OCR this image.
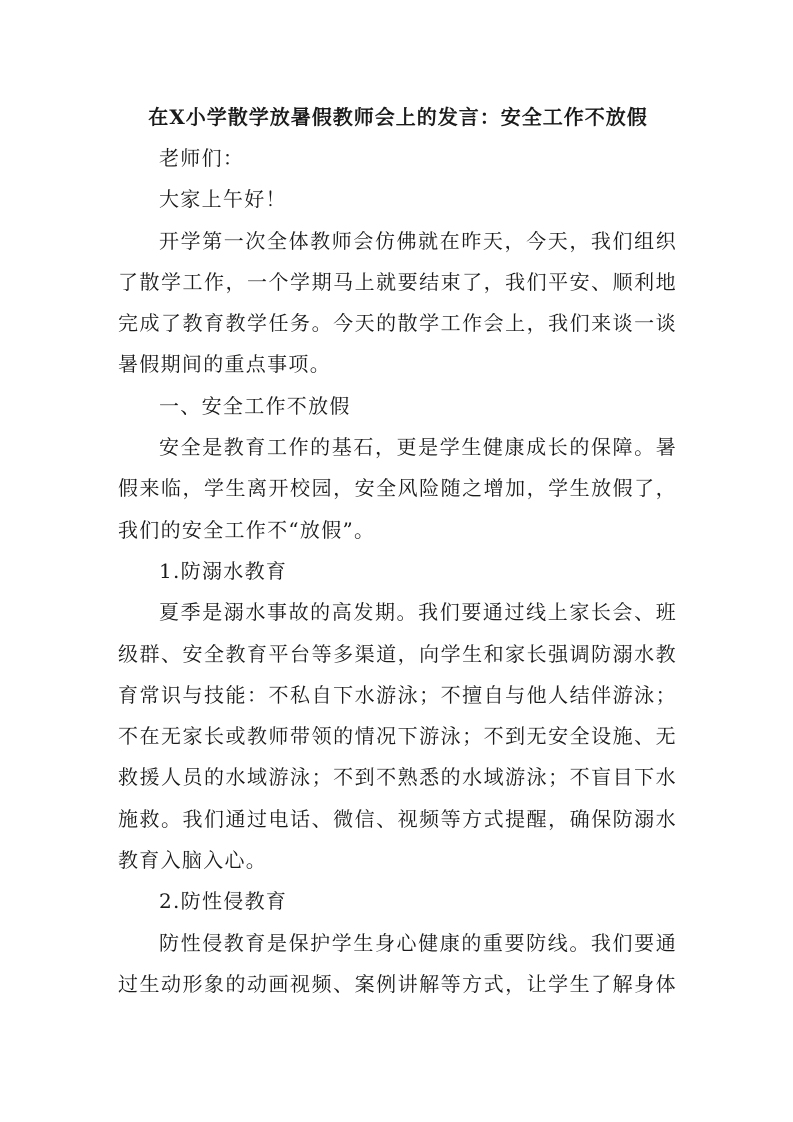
在X小学散学放暑假教师会上的发言：安全工作不放假
老师们：
大家上午好！
开学第一次全体教师会仿佛就在昨天，今天，我们组织
了散学工作，一个学期马上就要结束了，我们平安、顺利地
完成了教育教学任务。今天的散学工作会上，我们来谈一谈
暑假期间的重点事项。
一、安全工作不放假
安全是教育工作的基石，更是学生健康成长的保障。暑
假来临，学生离开校园，安全风险随之增加，学生放假了，
我们的安全工作不“放假”。
1.防溺水教育
夏季是溺水事故的高发期。我们要通过线上家长会、班
级群、安全教育平台等多渠道，向学生和家长强调防溺水教
育常识与技能：不私自下水游泳；不擅自与他人结伴游泳；
不在无家长或教师带领的情况下游泳；不到无安全设施、无
救援人员的水域游泳；不到不熟悉的水域游泳；不盲目下水
施救。我们通过电话、微信、视频等方式提醒，确保防溺水
教育入脑入心。
2.防性侵教育
防性侵教育是保护学生身心健康的重要防线。我们要通
过生动形象的动画视频、案例讲解等方式，让学生了解身体
